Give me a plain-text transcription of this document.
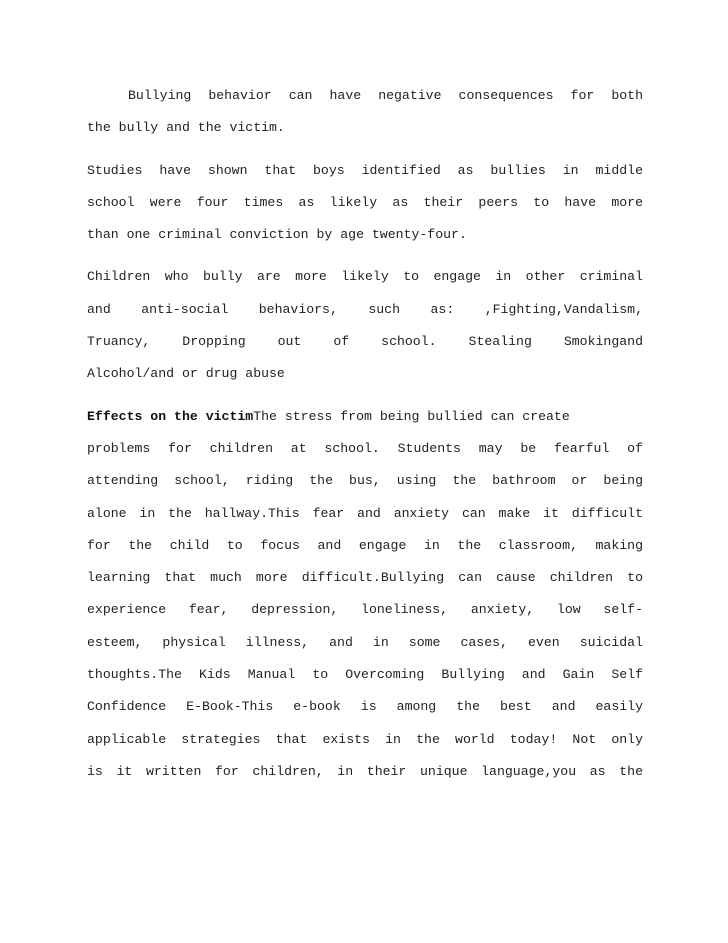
Bullying behavior can have negative consequences for both
the bully and the victim.
Studies have shown that boys identified as bullies in middle
school were four times as likely as their peers to have more
than one criminal conviction by age twenty-four.
Children who bully are more likely to engage in other criminal
and anti-social behaviors, such as: ,Fighting,Vandalism,
Truancy, Dropping out of school. Stealing Smokingand
Alcohol/and or drug abuse
Effects on the victimThe stress from being bullied can create
problems for children at school. Students may be fearful of
attending school, riding the bus, using the bathroom or being
alone in the hallway.This fear and anxiety can make it difficult
for the child to focus and engage in the classroom, making
learning that much more difficult.Bullying can cause children to
experience fear, depression, loneliness, anxiety, low self-
esteem, physical illness, and in some cases, even suicidal
thoughts.The Kids Manual to Overcoming Bullying and Gain Self
Confidence E-Book-This e-book is among the best and easily
applicable strategies that exists in the world today! Not only
is it written for children, in their unique language,you as the
